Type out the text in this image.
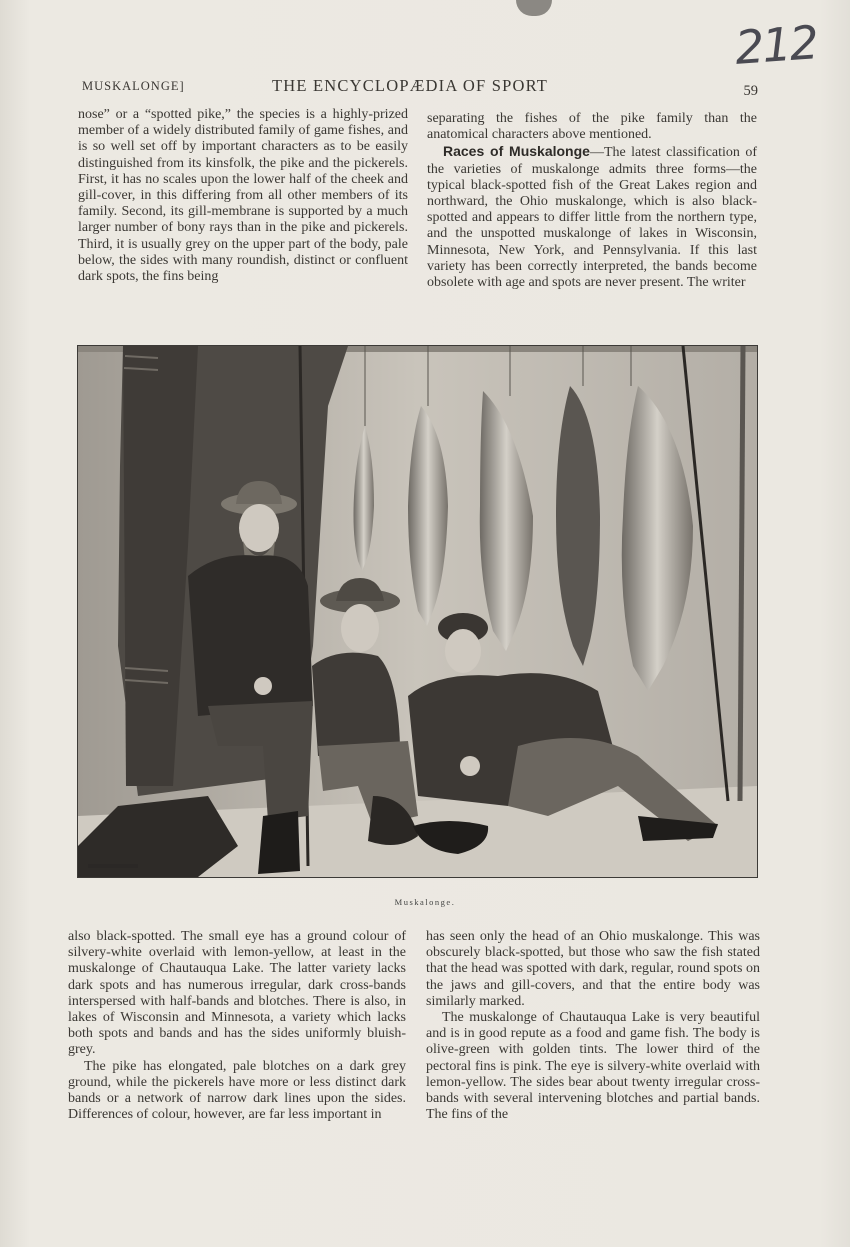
212
MUSKALONGE]	THE ENCYCLOPÆDIA OF SPORT	59

nose” or a “spotted pike,” the species is a highly-prized member of a widely distributed family of game fishes, and is so well set off by important characters as to be easily distinguished from its kinsfolk, the pike and the pickerels. First, it has no scales upon the lower half of the cheek and gill-cover, in this differing from all other members of its family. Second, its gill-membrane is supported by a much larger number of bony rays than in the pike and pickerels. Third, it is usually grey on the upper part of the body, pale below, the sides with many roundish, distinct or confluent dark spots, the fins being

separating the fishes of the pike family than the anatomical characters above mentioned.

Races of Muskalonge—The latest classification of the varieties of muskalonge admits three forms—the typical black-spotted fish of the Great Lakes region and northward, the Ohio muskalonge, which is also black-spotted and appears to differ little from the northern type, and the unspotted muskalonge of lakes in Wisconsin, Minnesota, New York, and Pennsylvania. If this last variety has been correctly interpreted, the bands become obsolete with age and spots are never present. The writer

Muskalonge.

also black-spotted. The small eye has a ground colour of silvery-white overlaid with lemon-yellow, at least in the muskalonge of Chautauqua Lake. The latter variety lacks dark spots and has numerous irregular, dark cross-bands interspersed with half-bands and blotches. There is also, in lakes of Wisconsin and Minnesota, a variety which lacks both spots and bands and has the sides uniformly bluish-grey.

The pike has elongated, pale blotches on a dark grey ground, while the pickerels have more or less distinct dark bands or a network of narrow dark lines upon the sides. Differences of colour, however, are far less important in

has seen only the head of an Ohio muskalonge. This was obscurely black-spotted, but those who saw the fish stated that the head was spotted with dark, regular, round spots on the jaws and gill-covers, and that the entire body was similarly marked.

The muskalonge of Chautauqua Lake is very beautiful and is in good repute as a food and game fish. The body is olive-green with golden tints. The lower third of the pectoral fins is pink. The eye is silvery-white overlaid with lemon-yellow. The sides bear about twenty irregular cross-bands with several intervening blotches and partial bands. The fins of the
